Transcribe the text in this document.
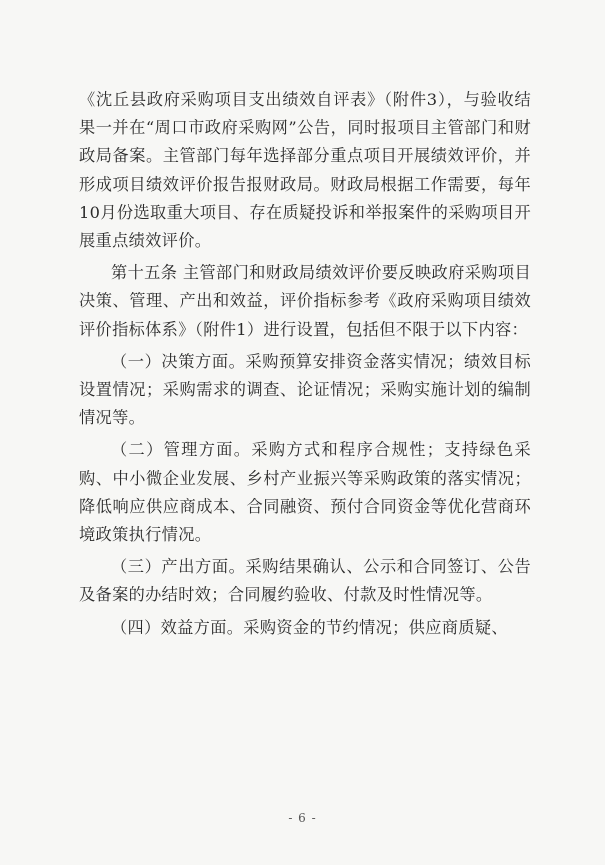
《沈丘县政府采购项目支出绩效自评表》（附件3），与验收结果一并在“周口市政府采购网”公告，同时报项目主管部门和财政局备案。主管部门每年选择部分重点项目开展绩效评价，并形成项目绩效评价报告报财政局。财政局根据工作需要，每年10月份选取重大项目、存在质疑投诉和举报案件的采购项目开展重点绩效评价。

第十五条 主管部门和财政局绩效评价要反映政府采购项目决策、管理、产出和效益，评价指标参考《政府采购项目绩效评价指标体系》（附件1）进行设置，包括但不限于以下内容：

（一）决策方面。采购预算安排资金落实情况；绩效目标设置情况；采购需求的调查、论证情况；采购实施计划的编制情况等。

（二）管理方面。采购方式和程序合规性；支持绿色采购、中小微企业发展、乡村产业振兴等采购政策的落实情况；降低响应供应商成本、合同融资、预付合同资金等优化营商环境政策执行情况。

（三）产出方面。采购结果确认、公示和合同签订、公告及备案的办结时效；合同履约验收、付款及时性情况等。

（四）效益方面。采购资金的节约情况；供应商质疑、

- 6 -
